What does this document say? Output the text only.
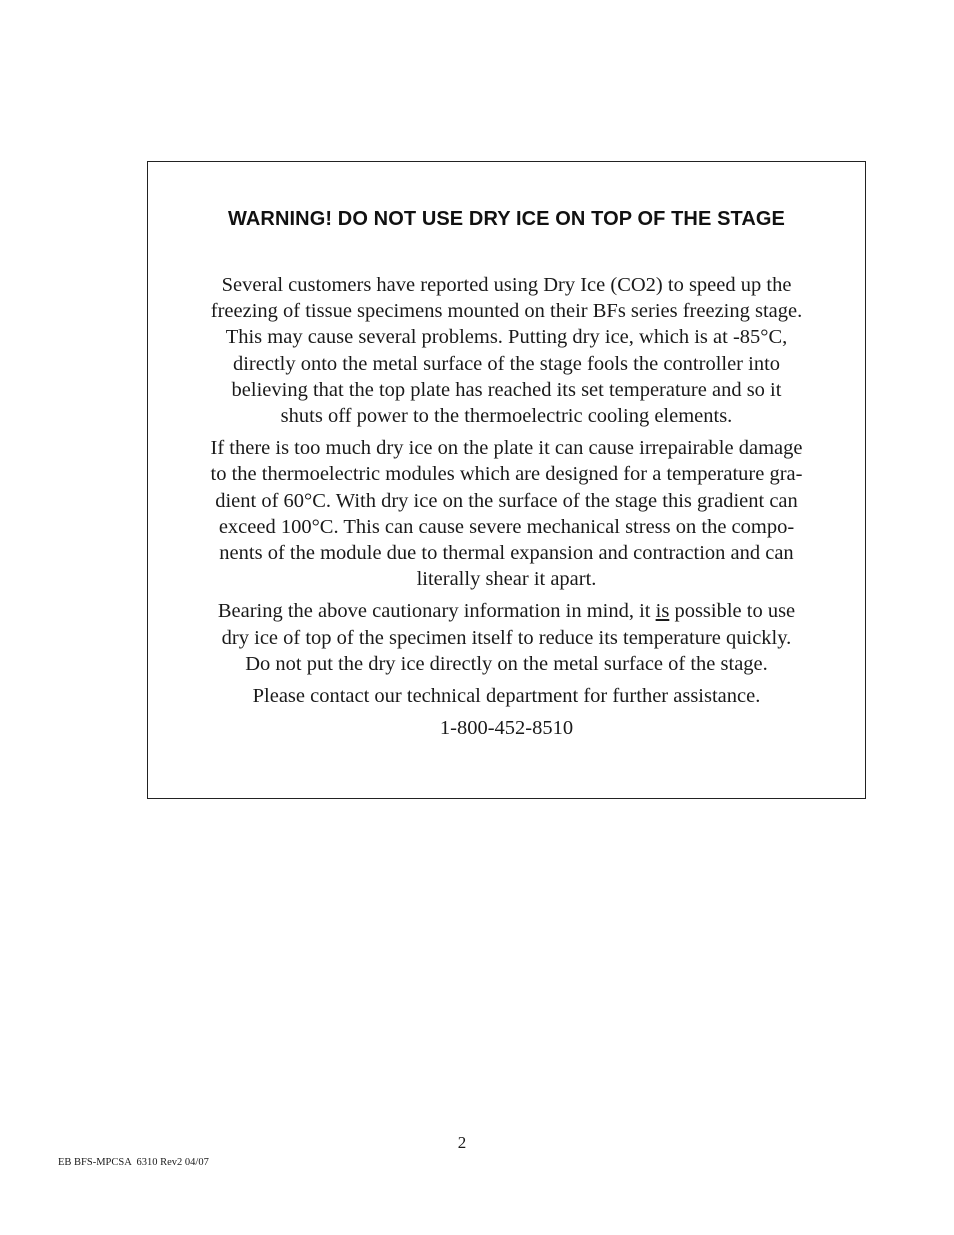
WARNING! DO NOT USE DRY ICE ON TOP OF THE STAGE

Several customers have reported using Dry Ice (CO2) to speed up the
freezing of tissue specimens mounted on their BFs series freezing stage.
This may cause several problems. Putting dry ice, which is at -85°C,
directly onto the metal surface of the stage fools the controller into
believing that the top plate has reached its set temperature and so it
shuts off power to the thermoelectric cooling elements.

If there is too much dry ice on the plate it can cause irrepairable damage
to the thermoelectric modules which are designed for a temperature gra-
dient of 60°C. With dry ice on the surface of the stage this gradient can
exceed 100°C. This can cause severe mechanical stress on the compo-
nents of the module due to thermal expansion and contraction and can
literally shear it apart.

Bearing the above cautionary information in mind, it is possible to use
dry ice of top of the specimen itself to reduce its temperature quickly.
Do not put the dry ice directly on the metal surface of the stage.

Please contact our technical department for further assistance.

1-800-452-8510

2

EB BFS-MPCSA  6310 Rev2 04/07
